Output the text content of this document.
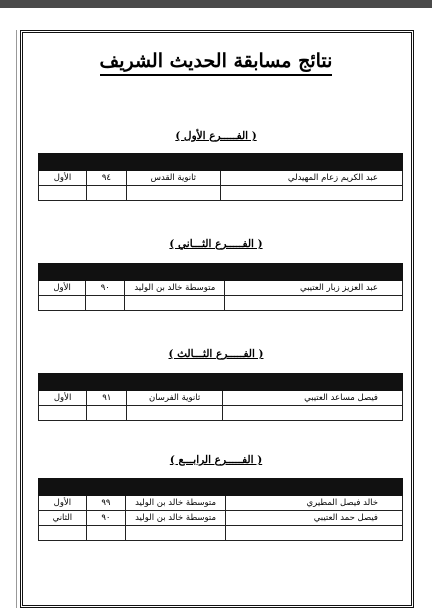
نتائج مسابقة الحديث الشريف
( الفـــــرع الأول )

عبد الكريم زعام المهيدلي	ثانوية القدس	٩٤	الأول

( الفـــــرع الثـــاني )

عبد العزيز زبار العتيبي	متوسطة خالد بن الوليد	٩٠	الأول

( الفـــــرع الثـــالث )

فيصل مساعد العتيبي	ثانوية الفرسان	٩١	الأول

( الفـــــرع الرابـــع )

خالد فيصل المطيري	متوسطة خالد بن الوليد	٩٩	الأول
فيصل حمد العتيبي	متوسطة خالد بن الوليد	٩٠	الثاني
